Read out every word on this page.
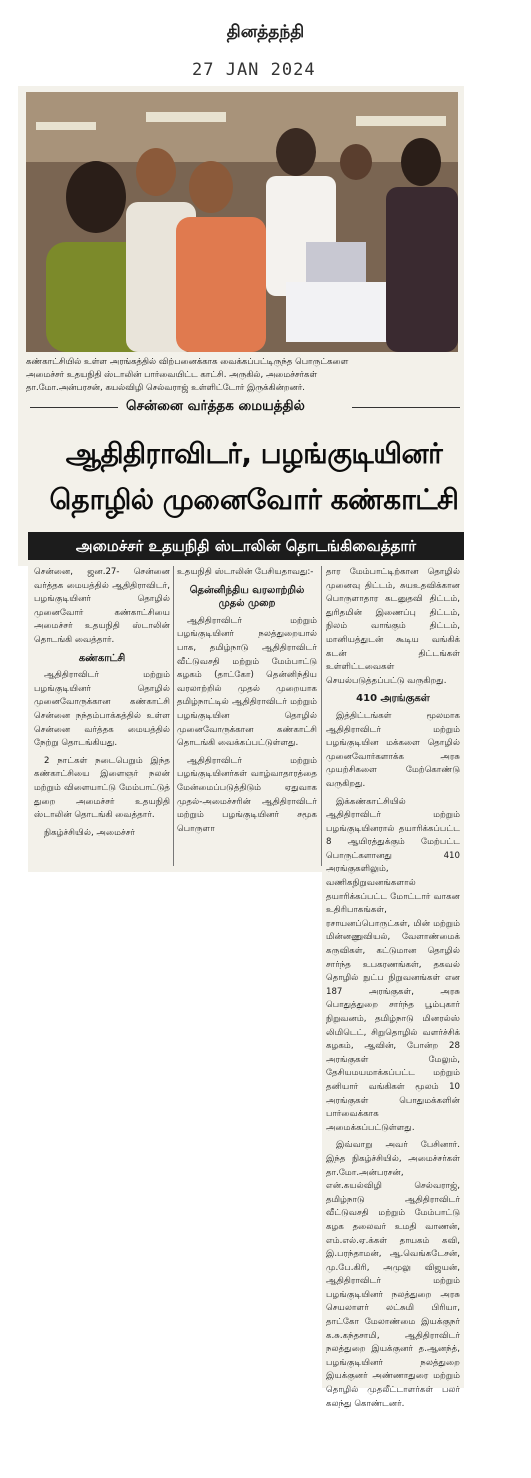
தினத்தந்தி
27 JAN 2024
கண்காட்சியில் உள்ள அரங்கத்தில் விற்பனைக்காக வைக்கப்பட்டிருந்த பொருட்களை
அமைச்சர் உதயநிதி ஸ்டாலின் பார்வையிட்ட காட்சி. அருகில், அமைச்சர்கள்
தா.மோ.அன்பரசன், கயல்விழி செல்வராஜ் உள்ளிட்டோர் இருக்கின்றனர்.
சென்னை வர்த்தக மையத்தில்
ஆதிதிராவிடர், பழங்குடியினர்
தொழில் முனைவோர் கண்காட்சி
அமைச்சர் உதயநிதி ஸ்டாலின் தொடங்கிவைத்தார்

சென்னை, ஜன.27- சென்னை வர்த்தக மையத்தில் ஆதிதிராவிடர், பழங்குடியினர் தொழில் முனைவோர் கண்காட்சியை அமைச்சர் உதயநிதி ஸ்டாலின் தொடங்கி வைத்தார்.

கண்காட்சி

ஆதிதிராவிடர் மற்றும் பழங்குடியினர் தொழில் முனைவோருக்கான கண்காட்சி சென்னை நந்தம்பாக்கத்தில் உள்ள சென்னை வர்த்தக மையத்தில் நேற்று தொடங்கியது.

2 நாட்கள் நடைபெறும் இந்த கண்காட்சியை இளைஞர் நலன் மற்றும் விளையாட்டு மேம்பாட்டுத் துறை அமைச்சர் உதயநிதி ஸ்டாலின் தொடங்கி வைத்தார்.

நிகழ்ச்சியில், அமைச்சர்

உதயநிதி ஸ்டாலின் பேசியதாவது:-

தென்னிந்திய வரலாற்றில் முதல் முறை

ஆதிதிராவிடர் மற்றும் பழங்குடியினர் நலத்துறையால் பாக, தமிழ்நாடு ஆதிதிராவிடர் வீட்டுவசதி மற்றும் மேம்பாட்டு கழகம் (தாட்கோ) தென்னிந்திய வரலாற்றில் முதல் முறையாக தமிழ்நாட்டில் ஆதிதிராவிடர் மற்றும் பழங்குடியின தொழில் முனைவோருக்கான கண்காட்சி தொடங்கி வைக்கப்பட்டுள்ளது.

ஆதிதிராவிடர் மற்றும் பழங்குடியினர்கள் வாழ்வாதாரத்தை மேன்மைப்படுத்திடும் ஏதுவாக முதல்-அமைச்சரின் ஆதிதிராவிடர் மற்றும் பழங்குடியினர் சமூக பொருளா

தார மேம்பாட்டிற்கான தொழில் முனைவு திட்டம், சுயஉதவிக்கான பொருளாதார கடனுதவி திட்டம், துரிதமின் இணைப்பு திட்டம், நிலம் வாங்கும் திட்டம், மானியத்துடன் கூடிய வங்கிக் கடன் திட்டங்கள் உள்ளிட்டவைகள் செயல்படுத்தப்பட்டு வருகிறது.

410 அரங்குகள்

இத்திட்டங்கள் மூலமாக ஆதிதிராவிடர் மற்றும் பழங்குடியின மக்களை தொழில் முனைவோர்களாக்க அரசு முயற்சிகளை மேற்கொண்டு வருகிறது.

இக்கண்காட்சியில் ஆதிதிராவிடர் மற்றும் பழங்குடியினரால் தயாரிக்கப்பட்ட 8 ஆயிரத்துக்கும் மேற்பட்ட பொருட்களானது 410 அரங்குகளிலும், வணிகநிறுவனங்களால் தயாரிக்கப்பட்ட மோட்டார் வாகன உதிரிபாகங்கள், ரசாயனப்பொருட்கள், மின் மற்றும் மின்னணுவியல், வேளாண்மைக் கருவிகள், கட்டுமான தொழில் சார்ந்த உபகரணங்கள், தகவல் தொழில் நுட்ப நிறுவனங்கள் என 187 அரங்குகள், அரசு பொதுத்துறை சார்ந்த பூம்புகார் நிறுவனம், தமிழ்நாடு மினரல்ஸ் லிமிடெட், சிறுதொழில் வளர்ச்சிக் கழகம், ஆவின், போன்ற 28 அரங்குகள் மேலும், தேசியமயமாக்கப்பட்ட மற்றும் தனியார் வங்கிகள் மூலம் 10 அரங்குகள் பொதுமக்களின் பார்வைக்காக அமைக்கப்பட்டுள்ளது.

இவ்வாறு அவர் பேசினார். இந்த நிகழ்ச்சியில், அமைச்சர்கள் தா.மோ.அன்பரசன், என்.கயல்விழி செல்வராஜ், தமிழ்நாடு ஆதிதிராவிடர் வீட்டுவசதி மற்றும் மேம்பாட்டு கழக தலைவர் உமதி வாணன், எம்.எல்.ஏ.க்கள் தாயகம் கவி, இ.பரந்தாமன், ஆ.வெங்கடேசன், மு.பே.கிரி, அமுலு விஜயன், ஆதிதிராவிடர் மற்றும் பழங்குடியினர் நலத்துறை அரசு செயலாளர் லட்சுமி பிரியா, தாட்கோ மேலாண்மை இயக்குநர் க.சு.கந்தசாமி, ஆதிதிராவிடர் நலத்துறை இயக்குனர் த.ஆனந்த், பழங்குடியினர் நலத்துறை இயக்குனர் அண்ணாதுரை மற்றும் தொழில் முதலீட்டாளர்கள் பலர் கலந்து கொண்டனர்.
